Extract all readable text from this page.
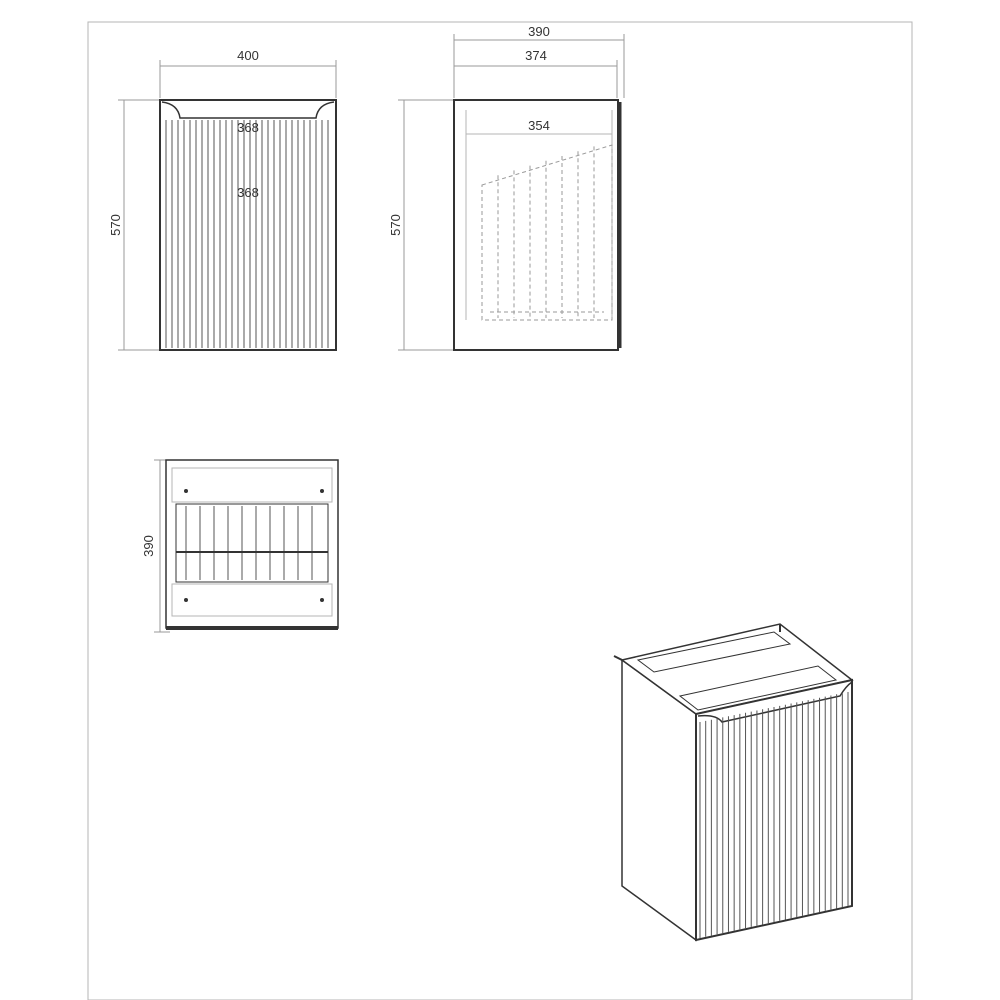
400
570
368
368
390
374
570
354
390
